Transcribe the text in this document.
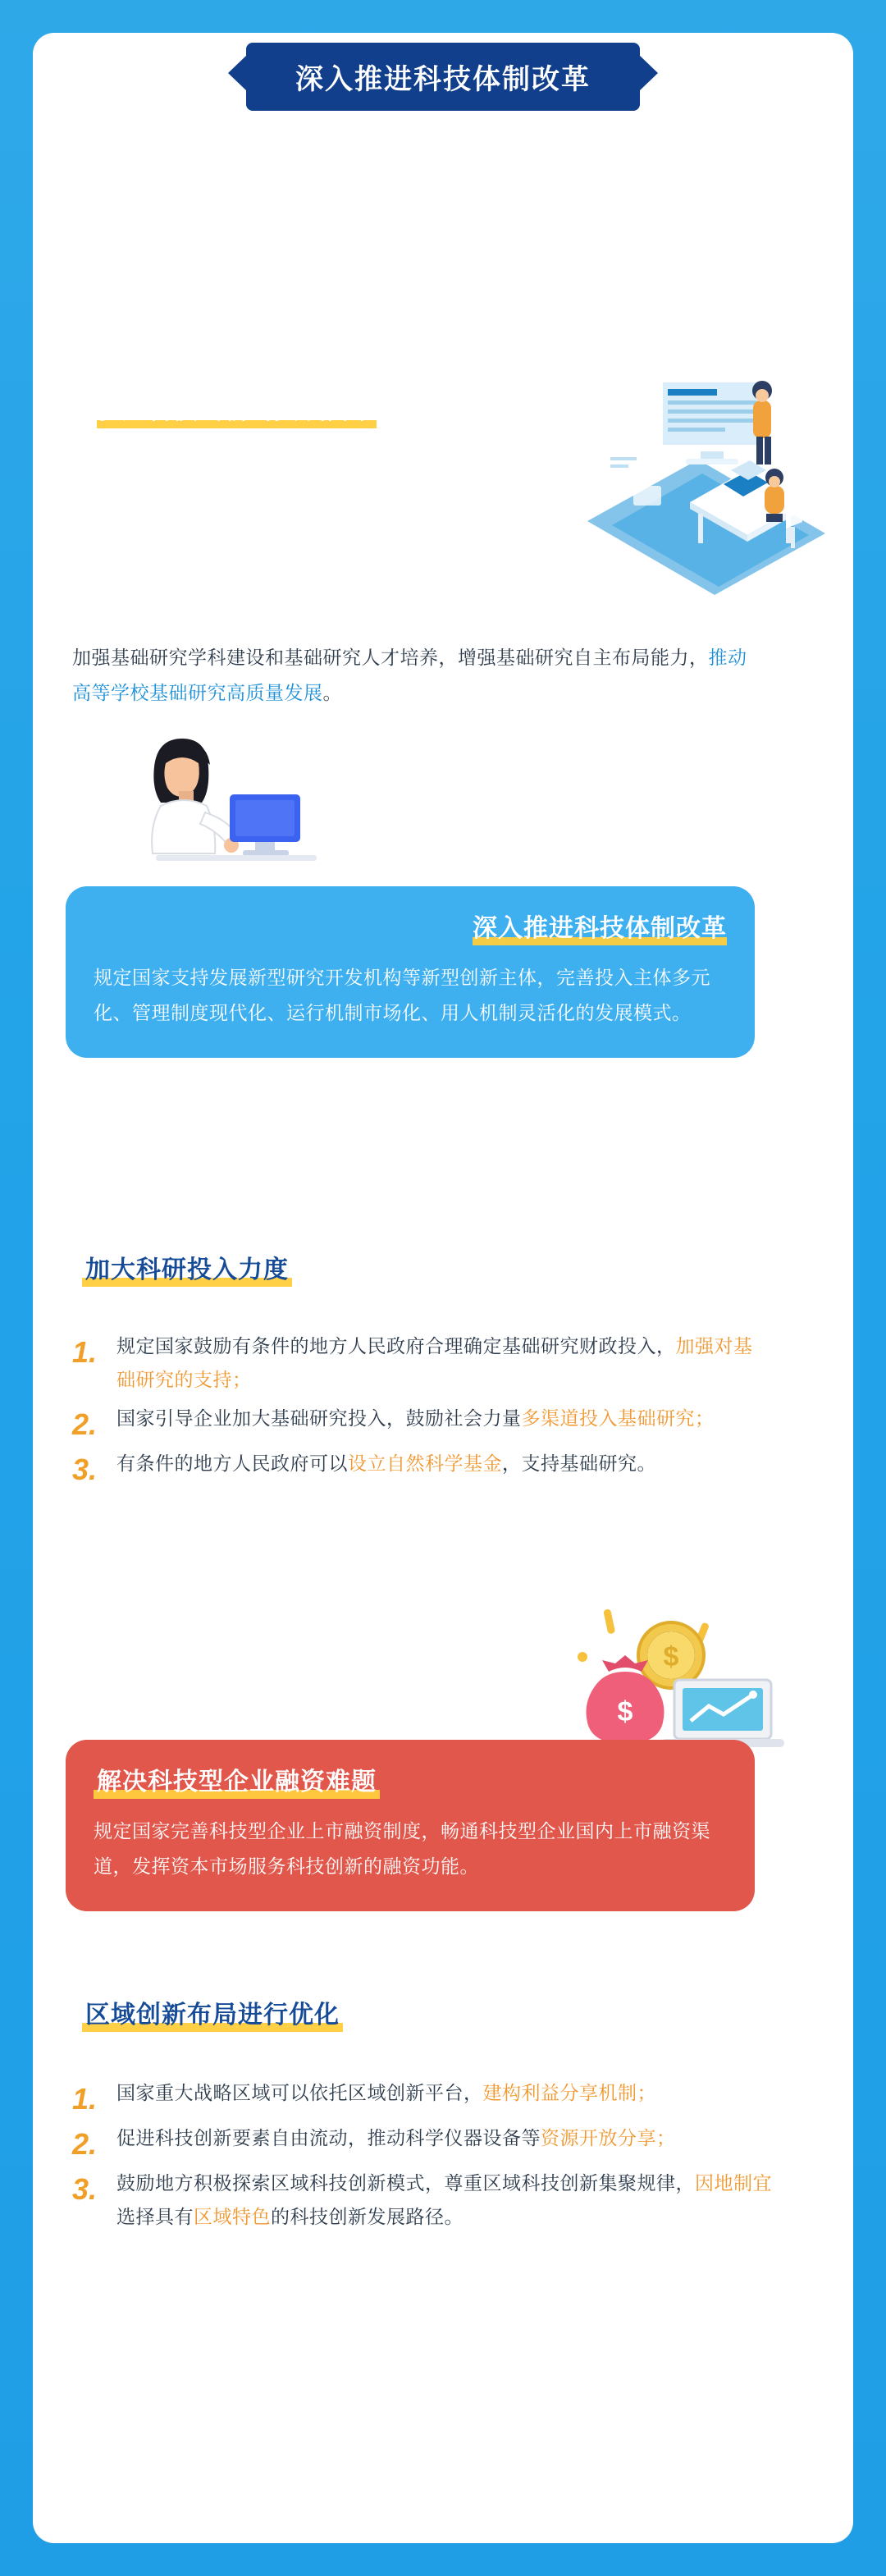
深入推进科技体制改革

修订后的科学技术进步法

充分体现了

我国科技领域改革发展经验成果

并全面反映了

促进科技创新的实践需求

加强基础研究学科建设和基础研究人才培养，增强基础研究自主布局能力，推动高等学校基础研究高质量发展。
深入推进科技体制改革
规定国家支持发展新型研究开发机构等新型创新主体，完善投入主体多元化、管理制度现代化、运行机制市场化、用人机制灵活化的发展模式。
加大科研投入力度
1.	规定国家鼓励有条件的地方人民政府合理确定基础研究财政投入，加强对基础研究的支持；
2.	国家引导企业加大基础研究投入，鼓励社会力量多渠道投入基础研究；
3.	有条件的地方人民政府可以设立自然科学基金，支持基础研究。
$
$
解决科技型企业融资难题
规定国家完善科技型企业上市融资制度，畅通科技型企业国内上市融资渠道，发挥资本市场服务科技创新的融资功能。
区域创新布局进行优化
1.	国家重大战略区域可以依托区域创新平台，建构利益分享机制；
2.	促进科技创新要素自由流动，推动科学仪器设备等资源开放分享；
3.	鼓励地方积极探索区域科技创新模式，尊重区域科技创新集聚规律，因地制宜选择具有区域特色的科技创新发展路径。
